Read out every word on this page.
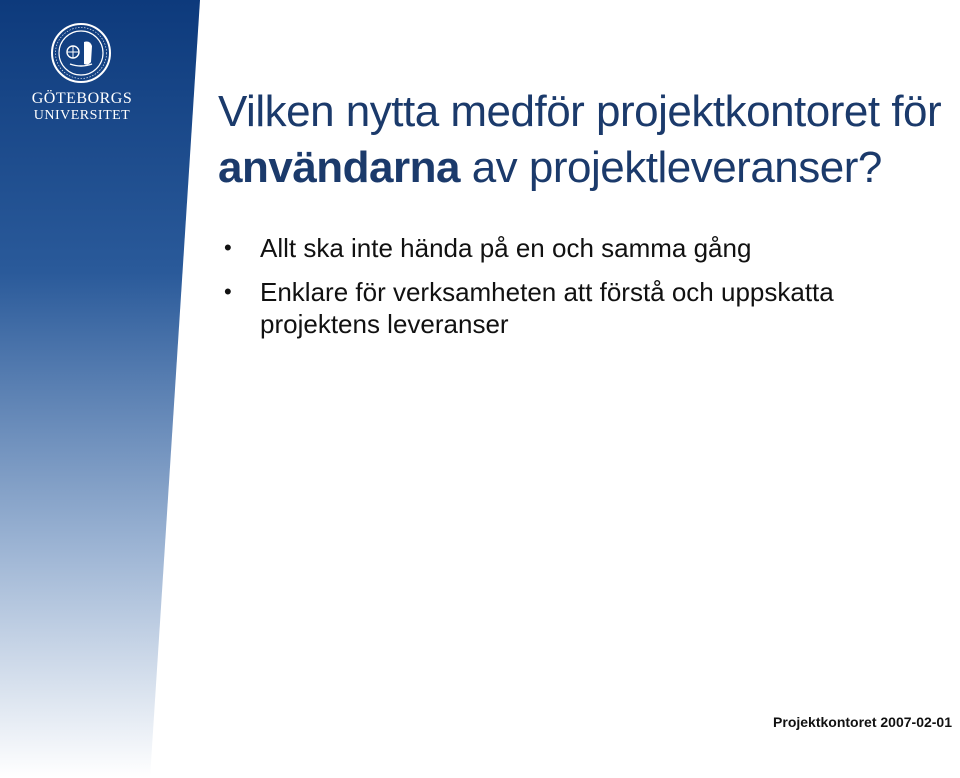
GÖTEBORGS
UNIVERSITET	Vilken nytta medför projektkontoret för
användarna av projektleveranser?
• Allt ska inte hända på en och samma gång
• Enklare för verksamheten att förstå och uppskatta projektens leveranser
Projektkontoret 2007-02-01
